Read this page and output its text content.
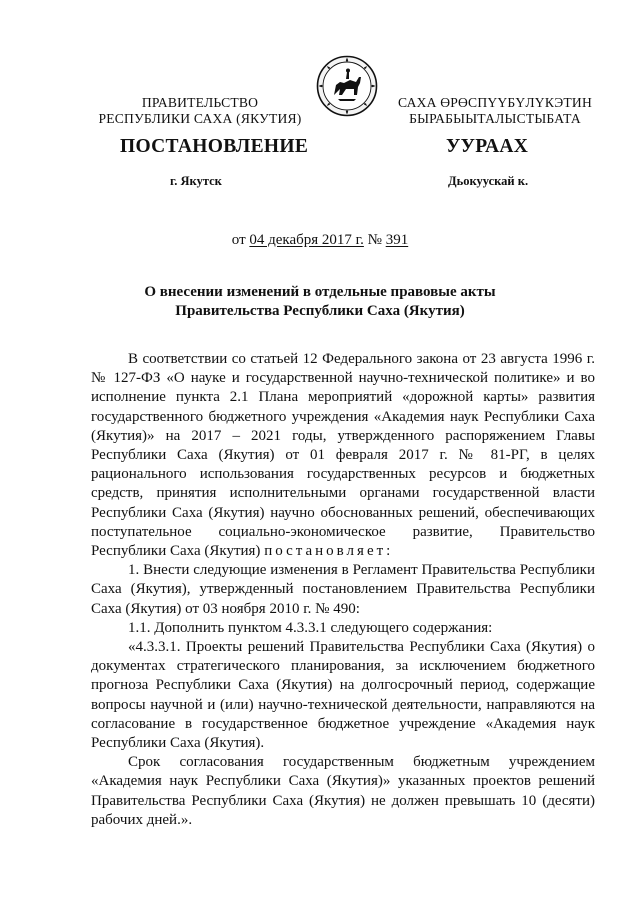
ПРАВИТЕЛЬСТВО
РЕСПУБЛИКИ САХА (ЯКУТИЯ)
САХА ӨРӨСПҮҮБҮЛҮКЭТИН
БЫРАБЫЫТАЛЫСТЫБАТА
ПОСТАНОВЛЕНИЕ	УУРААХ
г. Якутск	Дьокуускай к.
от 04 декабря 2017 г. № 391
О внесении изменений в отдельные правовые акты
Правительства Республики Саха (Якутия)

В соответствии со статьей 12 Федерального закона от 23 августа 1996 г. № 127-ФЗ «О науке и государственной научно-технической политике» и во исполнение пункта 2.1 Плана мероприятий «дорожной карты» развития государственного бюджетного учреждения «Академия наук Республики Саха (Якутия)» на 2017 – 2021 годы, утвержденного распоряжением Главы Республики Саха (Якутия) от 01 февраля 2017 г. № 81-РГ, в целях рационального использования государственных ресурсов и бюджетных средств, принятия исполнительными органами государственной власти Республики Саха (Якутия) научно обоснованных решений, обеспечивающих поступательное социально-экономическое развитие, Правительство Республики Саха (Якутия) постановляет:

1. Внести следующие изменения в Регламент Правительства Республики Саха (Якутия), утвержденный постановлением Правительства Республики Саха (Якутия) от 03 ноября 2010 г. № 490:

1.1. Дополнить пунктом 4.3.3.1 следующего содержания:

«4.3.3.1. Проекты решений Правительства Республики Саха (Якутия) о документах стратегического планирования, за исключением бюджетного прогноза Республики Саха (Якутия) на долгосрочный период, содержащие вопросы научной и (или) научно-технической деятельности, направляются на согласование в государственное бюджетное учреждение «Академия наук Республики Саха (Якутия).

Срок согласования государственным бюджетным учреждением «Академия наук Республики Саха (Якутия)» указанных проектов решений Правительства Республики Саха (Якутия) не должен превышать 10 (десяти) рабочих дней.».
